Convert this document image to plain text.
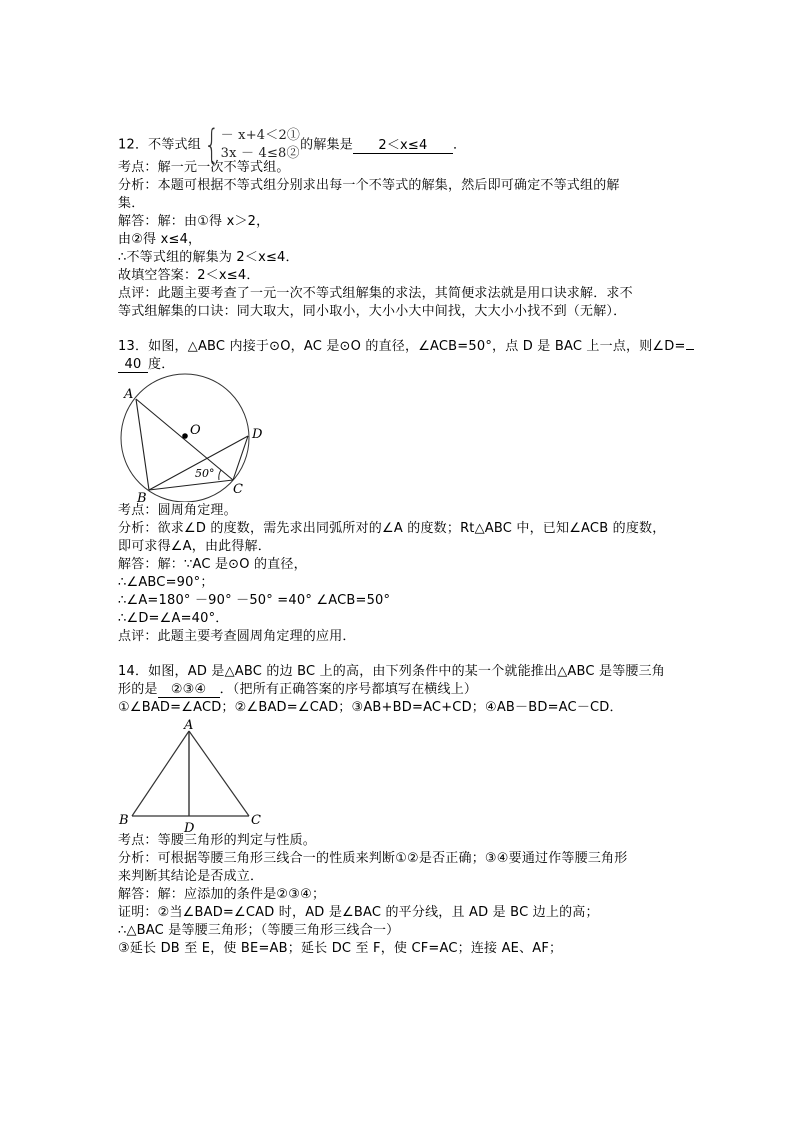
12．不等式组 { － x+4＜2①
3x － 4≤8②
的解集是 2＜x≤4 ．
考点：解一元一次不等式组。
分析：本题可根据不等式组分别求出每一个不等式的解集，然后即可确定不等式组的解
集．
解答：解：由①得 x＞2，
由②得 x≤4，
∴不等式组的解集为 2＜x≤4．
故填空答案：2＜x≤4．
点评：此题主要考查了一元一次不等式组解集的求法，其简便求法就是用口诀求解．求不
等式组解集的口诀：同大取大，同小取小，大小小大中间找，大大小小找不到（无解）．
13．如图，△ABC 内接于⊙O，AC 是⊙O 的直径，∠ACB=50°，点 D 是 BAC 上一点，则∠D=
40 度．
A
O	D
C
B
50°
考点：圆周角定理。
分析：欲求∠D 的度数，需先求出同弧所对的∠A 的度数；Rt△ABC 中，已知∠ACB 的度数，
即可求得∠A，由此得解．
解答：解：∵AC 是⊙O 的直径，
∴∠ABC=90°；
∴∠A=180° －90° －50° =40° ∠ACB=50°
∴∠D=∠A=40°．
点评：此题主要考查圆周角定理的应用．
14．如图，AD 是△ABC 的边 BC 上的高，由下列条件中的某一个就能推出△ABC 是等腰三角
形的是 ②③④ ．（把所有正确答案的序号都填写在横线上）
①∠BAD=∠ACD；②∠BAD=∠CAD；③AB+BD=AC+CD；④AB－BD=AC－CD．
A
B	C
D
考点：等腰三角形的判定与性质。
分析：可根据等腰三角形三线合一的性质来判断①②是否正确；③④要通过作等腰三角形
来判断其结论是否成立．
解答：解：应添加的条件是②③④；
证明：②当∠BAD=∠CAD 时，AD 是∠BAC 的平分线，且 AD 是 BC 边上的高；
∴△BAC 是等腰三角形；（等腰三角形三线合一）
③延长 DB 至 E，使 BE=AB；延长 DC 至 F，使 CF=AC；连接 AE、AF；
